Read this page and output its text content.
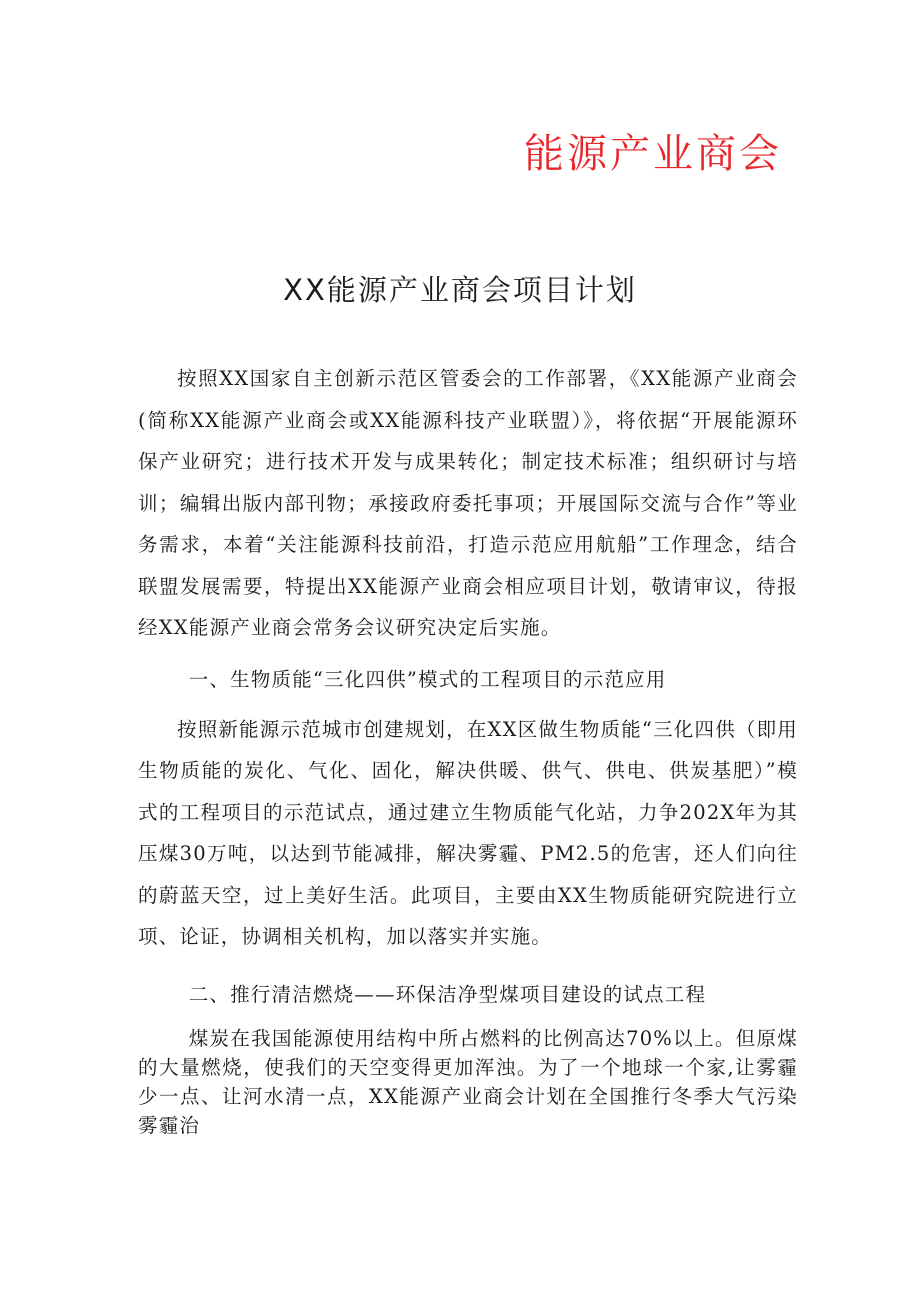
能源产业商会
XX能源产业商会项目计划

按照XX国家自主创新示范区管委会的工作部署，《XX能源产业商会(简称XX能源产业商会或XX能源科技产业联盟）》，将依据“开展能源环保产业研究；进行技术开发与成果转化；制定技术标准；组织研讨与培训；编辑出版内部刊物；承接政府委托事项；开展国际交流与合作”等业务需求，本着“关注能源科技前沿，打造示范应用航船”工作理念，结合联盟发展需要，特提出XX能源产业商会相应项目计划，敬请审议，待报经XX能源产业商会常务会议研究决定后实施。

一、生物质能“三化四供”模式的工程项目的示范应用

按照新能源示范城市创建规划，在XX区做生物质能“三化四供（即用生物质能的炭化、气化、固化，解决供暖、供气、供电、供炭基肥）”模式的工程项目的示范试点，通过建立生物质能气化站，力争202X年为其压煤30万吨，以达到节能减排，解决雾霾、PM2.5的危害，还人们向往的蔚蓝天空，过上美好生活。此项目，主要由XX生物质能研究院进行立项、论证，协调相关机构，加以落实并实施。

二、推行清洁燃烧——环保洁净型煤项目建设的试点工程

煤炭在我国能源使用结构中所占燃料的比例高达70%以上。但原煤的大量燃烧，使我们的天空变得更加浑浊。为了一个地球一个家,让雾霾少一点、让河水清一点，XX能源产业商会计划在全国推行冬季大气污染雾霾治
